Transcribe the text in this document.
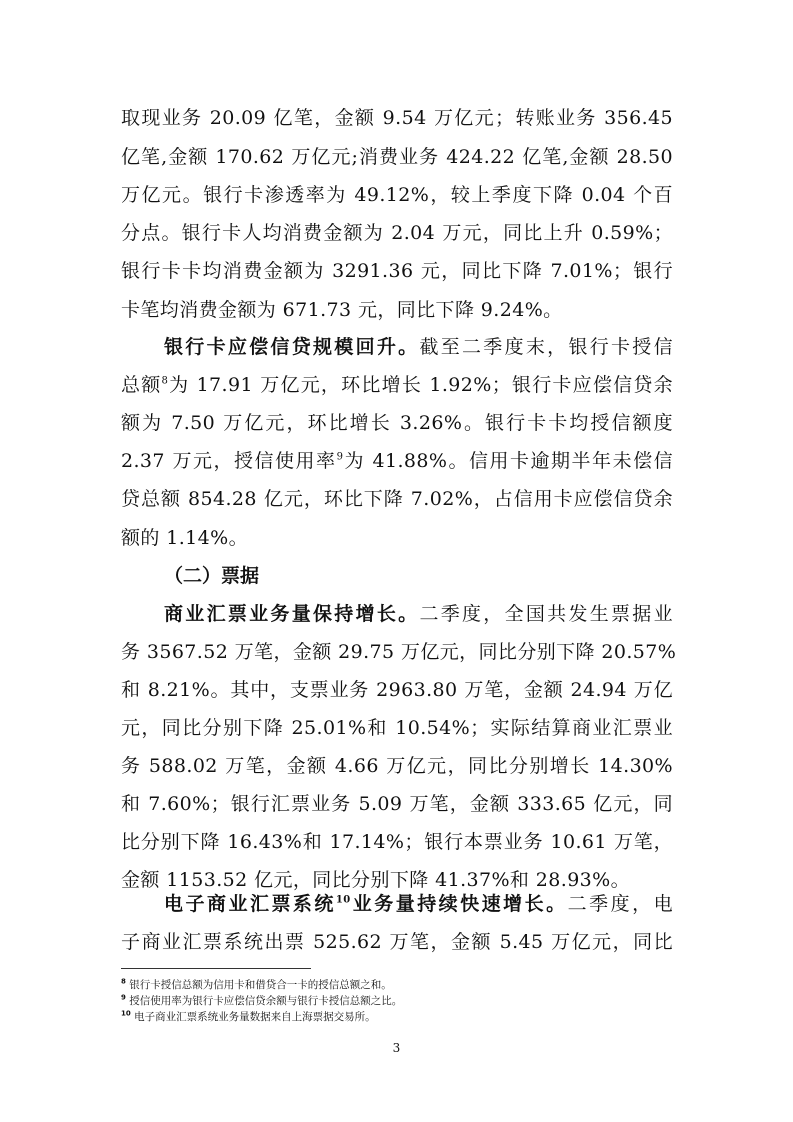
取现业务 20.09 亿笔，金额 9.54 万亿元；转账业务 356.45
亿笔,金额 170.62 万亿元;消费业务 424.22 亿笔,金额 28.50
万亿元。银行卡渗透率为 49.12%，较上季度下降 0.04 个百
分点。银行卡人均消费金额为 2.04 万元，同比上升 0.59%；
银行卡卡均消费金额为 3291.36 元，同比下降 7.01%；银行
卡笔均消费金额为 671.73 元，同比下降 9.24%。
银行卡应偿信贷规模回升。截至二季度末，银行卡授信
总额$^8$为 17.91 万亿元，环比增长 1.92%；银行卡应偿信贷余
额为 7.50 万亿元，环比增长 3.26%。银行卡卡均授信额度
2.37 万元，授信使用率$^9$为 41.88%。信用卡逾期半年未偿信
贷总额 854.28 亿元，环比下降 7.02%，占信用卡应偿信贷余
额的 1.14%。
（二）票据
商业汇票业务量保持增长。二季度，全国共发生票据业
务 3567.52 万笔，金额 29.75 万亿元，同比分别下降 20.57%
和 8.21%。其中，支票业务 2963.80 万笔，金额 24.94 万亿
元，同比分别下降 25.01%和 10.54%；实际结算商业汇票业
务 588.02 万笔，金额 4.66 万亿元，同比分别增长 14.30%
和 7.60%；银行汇票业务 5.09 万笔，金额 333.65 亿元，同
比分别下降 16.43%和 17.14%；银行本票业务 10.61 万笔，
金额 1153.52 亿元，同比分别下降 41.37%和 28.93%。
电子商业汇票系统$^{10}$业务量持续快速增长。二季度，电
子商业汇票系统出票 525.62 万笔，金额 5.45 万亿元，同比
$^8$ 银行卡授信总额为信用卡和借贷合一卡的授信总额之和。
$^9$ 授信使用率为银行卡应偿信贷余额与银行卡授信总额之比。
$^{10}$ 电子商业汇票系统业务量数据来自上海票据交易所。
3
